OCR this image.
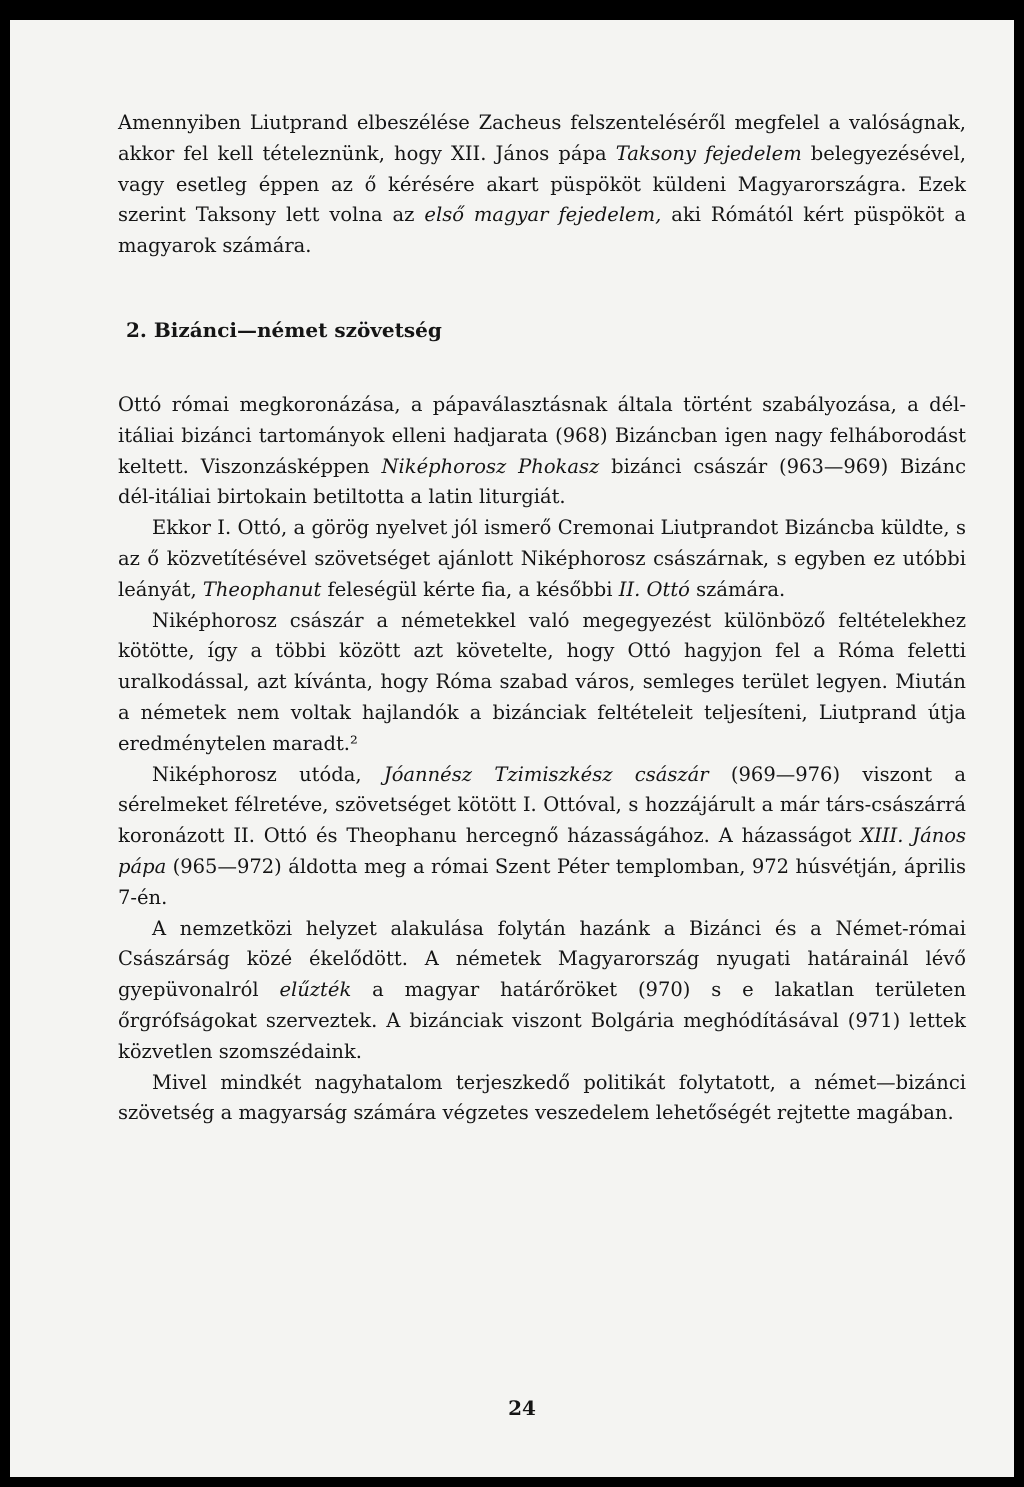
Amennyiben Liutprand elbeszélése Zacheus felszenteléséről megfelel a valóságnak, akkor fel kell tételeznünk, hogy XII. János pápa Taksony fejedelem belegyezésével, vagy esetleg éppen az ő kérésére akart püspököt küldeni Magyarországra. Ezek szerint Taksony lett volna az első magyar fejedelem, aki Rómától kért püspököt a magyarok számára.

2. Bizánci—német szövetség

Ottó római megkoronázása, a pápaválasztásnak általa történt szabályozása, a dél-itáliai bizánci tartományok elleni hadjarata (968) Bizáncban igen nagy felháborodást keltett. Viszonzásképpen Niképhorosz Phokasz bizánci császár (963—969) Bizánc dél-itáliai birtokain betiltotta a latin liturgiát.

Ekkor I. Ottó, a görög nyelvet jól ismerő Cremonai Liutprandot Bizáncba küldte, s az ő közvetítésével szövetséget ajánlott Niképhorosz császárnak, s egyben ez utóbbi leányát, Theophanut feleségül kérte fia, a későbbi II. Ottó számára.

Niképhorosz császár a németekkel való megegyezést különböző feltételekhez kötötte, így a többi között azt követelte, hogy Ottó hagyjon fel a Róma feletti uralkodással, azt kívánta, hogy Róma szabad város, semleges terület legyen. Miután a németek nem voltak hajlandók a bizánciak feltételeit teljesíteni, Liutprand útja eredménytelen maradt.²

Niképhorosz utóda, Jóannész Tzimiszkész császár (969—976) viszont a sérelmeket félretéve, szövetséget kötött I. Ottóval, s hozzájárult a már társ-császárrá koronázott II. Ottó és Theophanu hercegnő házasságához. A házasságot XIII. János pápa (965—972) áldotta meg a római Szent Péter templomban, 972 húsvétján, április 7-én.

A nemzetközi helyzet alakulása folytán hazánk a Bizánci és a Német-római Császárság közé ékelődött. A németek Magyarország nyugati határainál lévő gyepüvonalról elűzték a magyar határőröket (970) s e lakatlan területen őrgrófságokat szerveztek. A bizánciak viszont Bolgária meghódításával (971) lettek közvetlen szomszédaink.

Mivel mindkét nagyhatalom terjeszkedő politikát folytatott, a német—bizánci szövetség a magyarság számára végzetes veszedelem lehetőségét rejtette magában.

24
